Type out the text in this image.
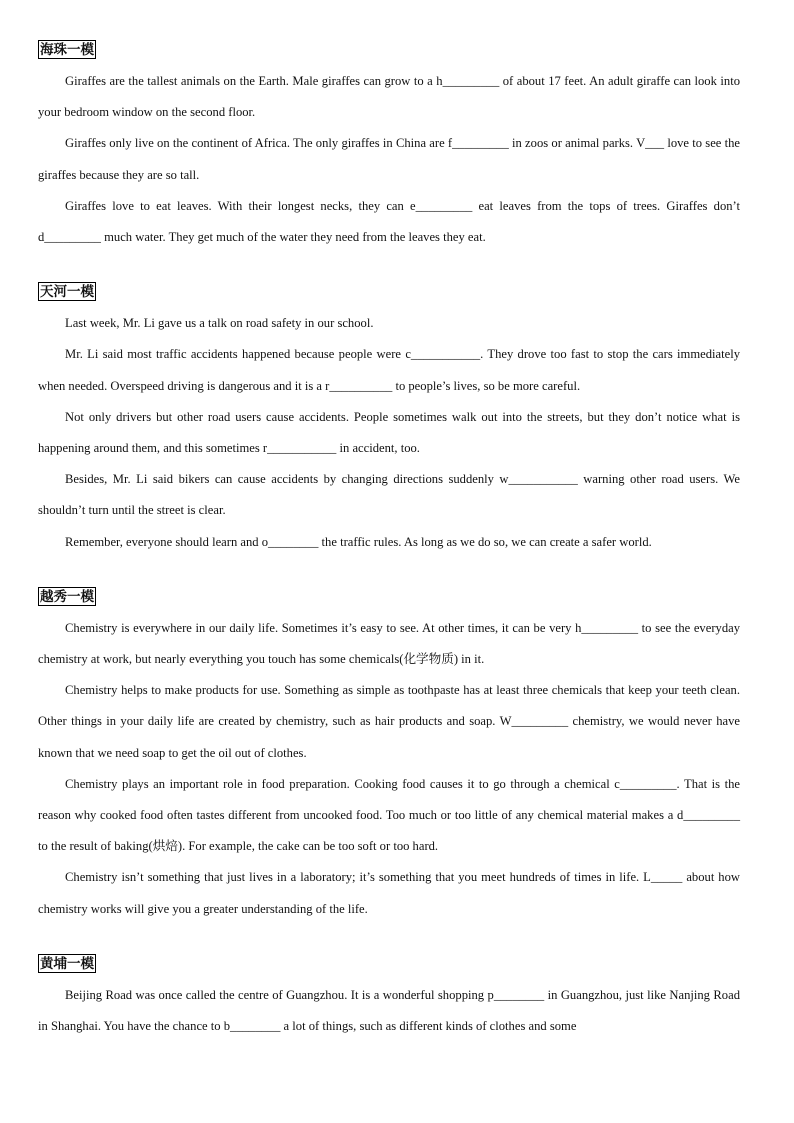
海珠一模

Giraffes are the tallest animals on the Earth. Male giraffes can grow to a h_________ of about 17 feet. An adult giraffe can look into your bedroom window on the second floor.

Giraffes only live on the continent of Africa. The only giraffes in China are f_________ in zoos or animal parks. V___ love to see the giraffes because they are so tall.

Giraffes love to eat leaves. With their longest necks, they can e_________ eat leaves from the tops of trees. Giraffes don’t d_________ much water. They get much of the water they need from the leaves they eat.

天河一模

Last week, Mr. Li gave us a talk on road safety in our school.

Mr. Li said most traffic accidents happened because people were c___________. They drove too fast to stop the cars immediately when needed. Overspeed driving is dangerous and it is a r__________ to people’s lives, so be more careful.

Not only drivers but other road users cause accidents. People sometimes walk out into the streets, but they don’t notice what is happening around them, and this sometimes r___________ in accident, too.

Besides, Mr. Li said bikers can cause accidents by changing directions suddenly w___________ warning other road users. We shouldn’t turn until the street is clear.

Remember, everyone should learn and o________ the traffic rules. As long as we do so, we can create a safer world.

越秀一模

Chemistry is everywhere in our daily life. Sometimes it’s easy to see. At other times, it can be very h_________ to see the everyday chemistry at work, but nearly everything you touch has some chemicals(化学物质) in it.

Chemistry helps to make products for use. Something as simple as toothpaste has at least three chemicals that keep your teeth clean. Other things in your daily life are created by chemistry, such as hair products and soap. W_________ chemistry, we would never have known that we need soap to get the oil out of clothes.

Chemistry plays an important role in food preparation. Cooking food causes it to go through a chemical c_________. That is the reason why cooked food often tastes different from uncooked food. Too much or too little of any chemical material makes a d_________ to the result of baking(烘焙). For example, the cake can be too soft or too hard.

Chemistry isn’t something that just lives in a laboratory; it’s something that you meet hundreds of times in life. L_____ about how chemistry works will give you a greater understanding of the life.

黄埔一模

Beijing Road was once called the centre of Guangzhou. It is a wonderful shopping p________ in Guangzhou, just like Nanjing Road in Shanghai. You have the chance to b________ a lot of things, such as different kinds of clothes and some
